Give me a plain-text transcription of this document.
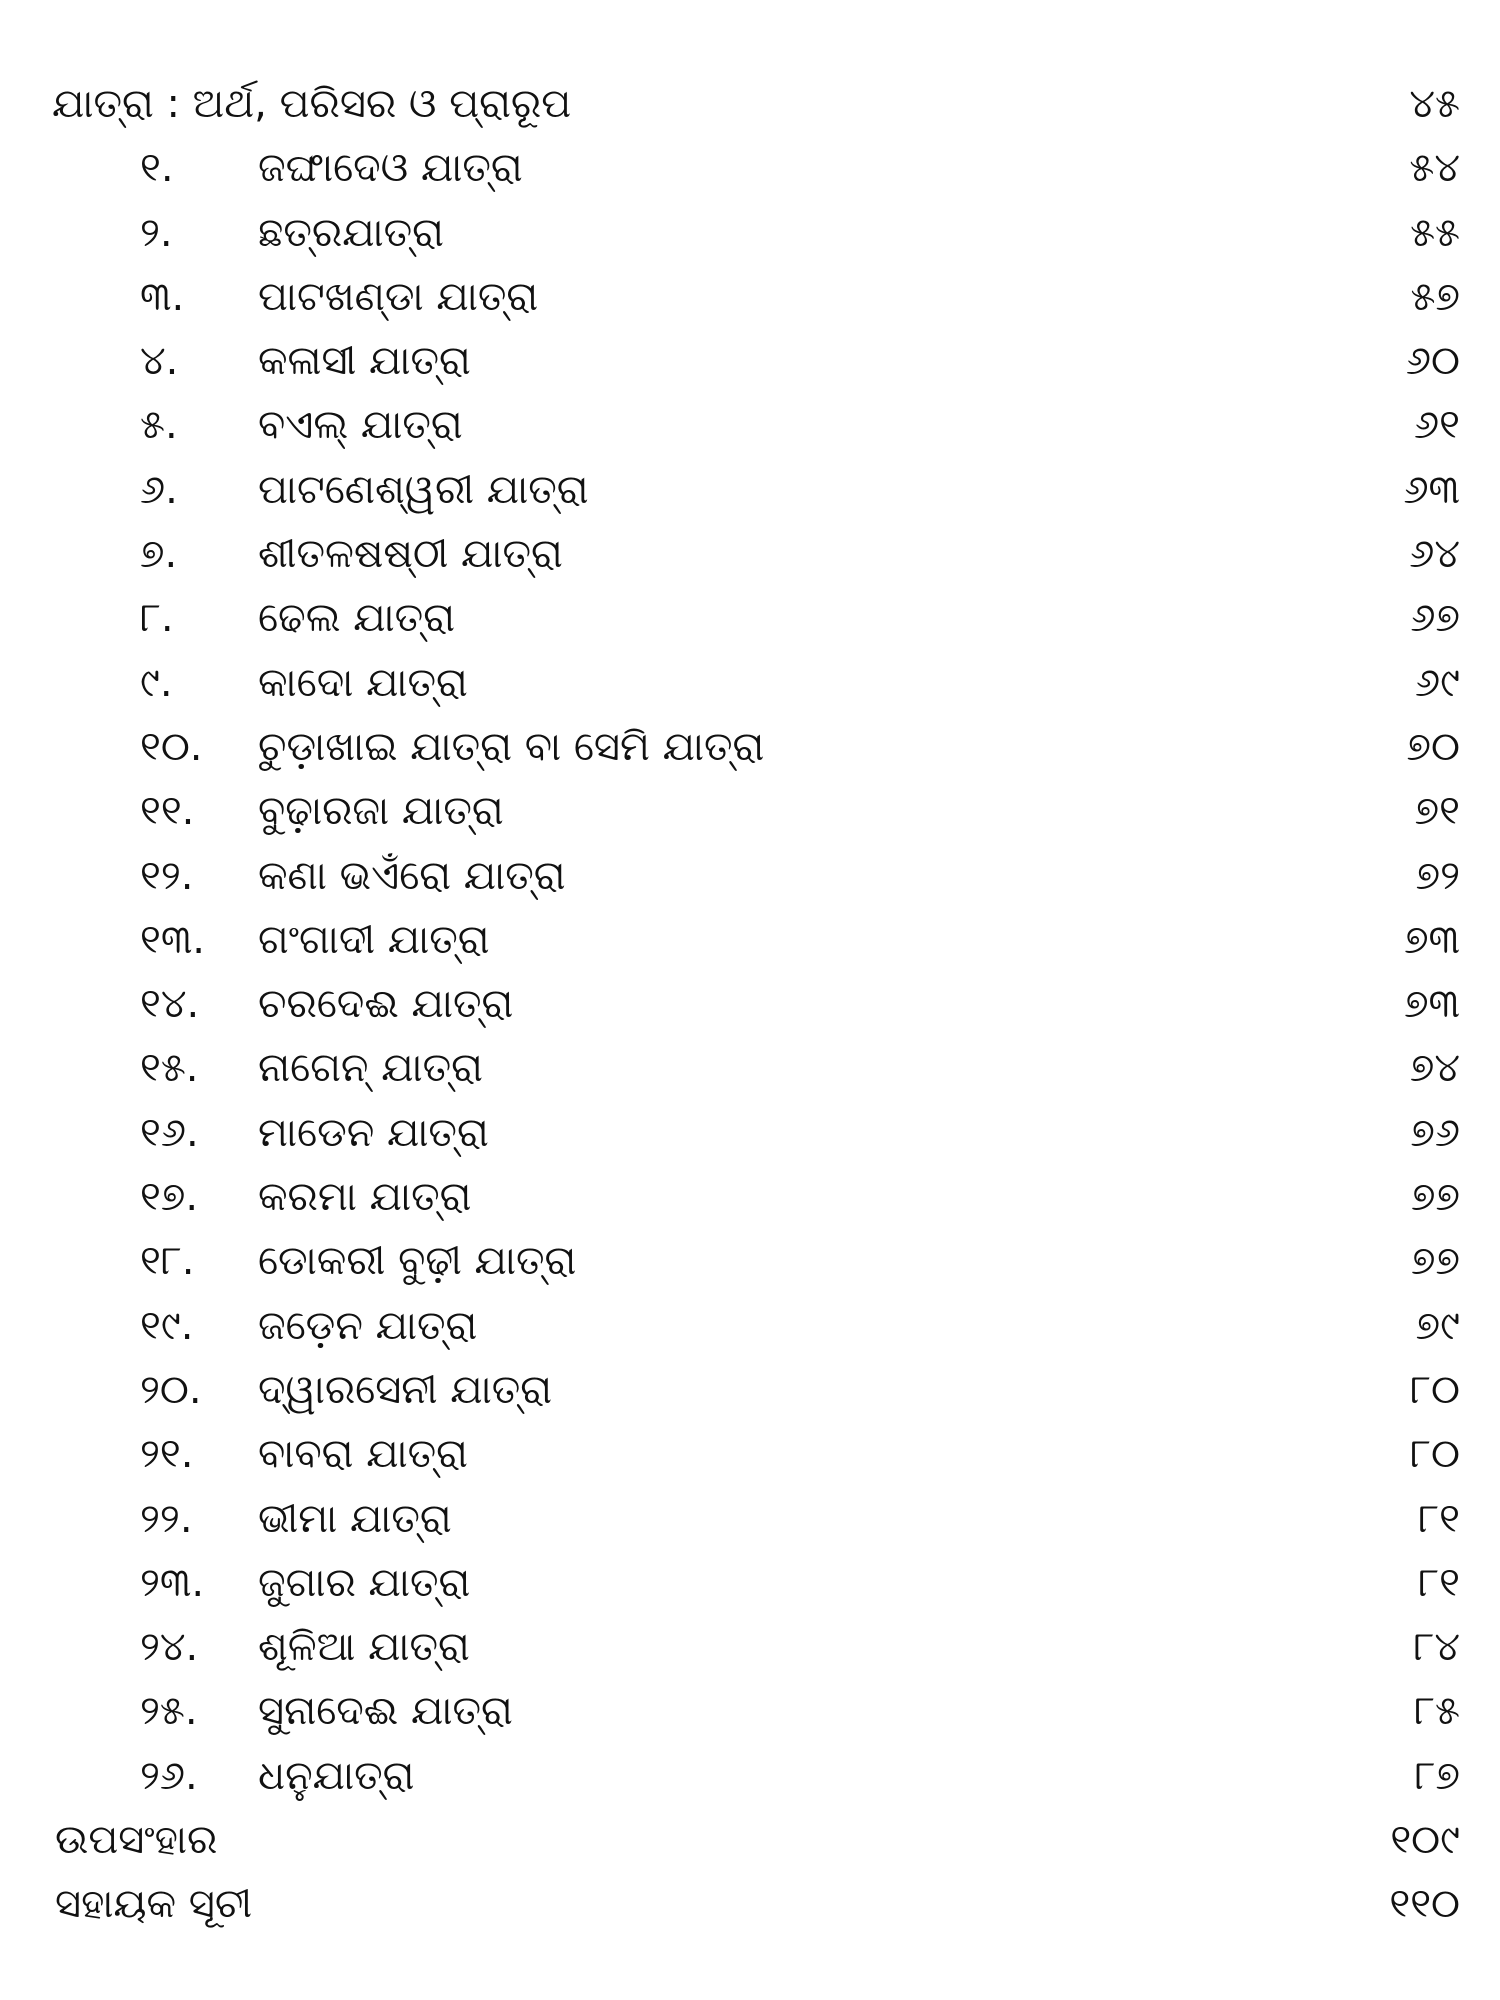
ଯାତ୍ରା : ଅର୍ଥ, ପରିସର ଓ ପ୍ରାରୂପ	୪୫
୧.	ଜଙ୍ଘାଦେଓ ଯାତ୍ରା	୫୪
୨.	ଛତ୍ରଯାତ୍ରା	୫୫
୩.	ପାଟଖଣ୍ଡା ଯାତ୍ରା	୫୭
୪.	କଳାସୀ ଯାତ୍ରା	୬୦
୫.	ବଏଲ୍ ଯାତ୍ରା	୬୧
୬.	ପାଟଣେଶ୍ୱରୀ ଯାତ୍ରା	୬୩
୭.	ଶୀତଳଷଷ୍ଠୀ ଯାତ୍ରା	୬୪
୮.	ଢେଲ ଯାତ୍ରା	୬୭
୯.	କାଦୋ ଯାତ୍ରା	୬୯
୧୦.	ଚୁଡ଼ାଖାଇ ଯାତ୍ରା ବା ସେମି ଯାତ୍ରା	୭୦
୧୧.	ବୁଢ଼ାରଜା ଯାତ୍ରା	୭୧
୧୨.	କଣା ଭଏଁରୋ ଯାତ୍ରା	୭୨
୧୩.	ଗଂଗାଦୀ ଯାତ୍ରା	୭୩
୧୪.	ଚରଦେଈ ଯାତ୍ରା	୭୩
୧୫.	ନାଗେନ୍ ଯାତ୍ରା	୭୪
୧୬.	ମାଡେନ ଯାତ୍ରା	୭୬
୧୭.	କରମା ଯାତ୍ରା	୭୭
୧୮.	ଡୋକରୀ ବୁଢ଼ୀ ଯାତ୍ରା	୭୭
୧୯.	ଜଡ଼େନ ଯାତ୍ରା	୭୯
୨୦.	ଦ୍ୱାରସେନୀ ଯାତ୍ରା	୮୦
୨୧.	ବାବରା ଯାତ୍ରା	୮୦
୨୨.	ଭୀମା ଯାତ୍ରା	୮୧
୨୩.	ଜୁଗାର ଯାତ୍ରା	୮୧
୨୪.	ଶୂଳିଆ ଯାତ୍ରା	୮୪
୨୫.	ସୁନାଦେଈ ଯାତ୍ରା	୮୫
୨୬.	ଧନୁଯାତ୍ରା	୮୭
ଉପସଂହାର	୧୦୯
ସହାୟକ ସୂଚୀ	୧୧୦
